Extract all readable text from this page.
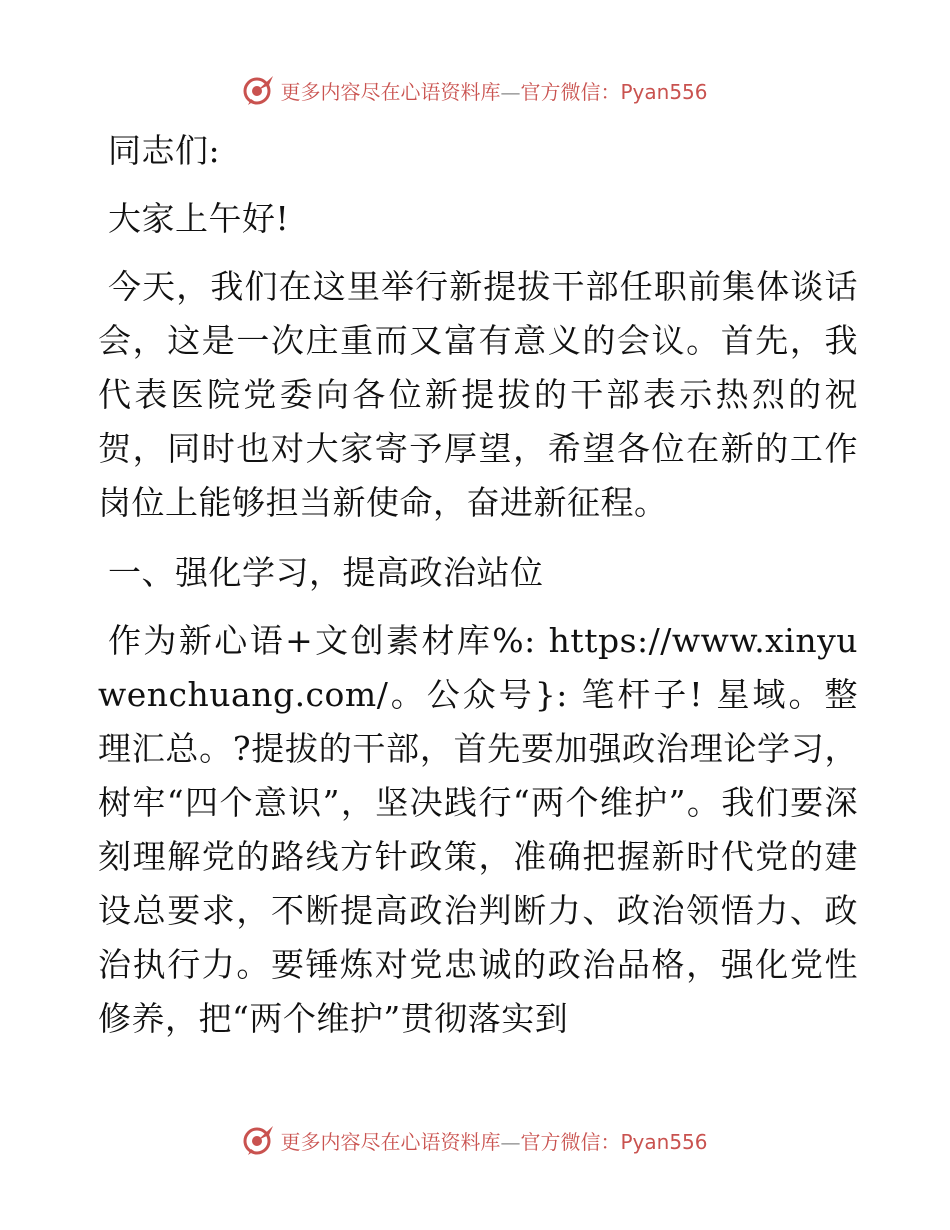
更多内容尽在心语资料库—官方微信：Pyan556

同志们:

大家上午好!

今天，我们在这里举行新提拔干部任职前集体谈话会，这是一次庄重而又富有意义的会议。首先，我代表医院党委向各位新提拔的干部表示热烈的祝贺，同时也对大家寄予厚望，希望各位在新的工作岗位上能够担当新使命，奋进新征程。

一、强化学习，提高政治站位

作为新心语+文创素材库%: https://www.xinyuwenchuang.com/。公众号}: 笔杆子! 星域。整理汇总。?提拔的干部，首先要加强政治理论学习，树牢“四个意识”，坚决践行“两个维护”。我们要深刻理解党的路线方针政策，准确把握新时代党的建设总要求，不断提高政治判断力、政治领悟力、政治执行力。要锤炼对党忠诚的政治品格，强化党性修养，把“两个维护”贯彻落实到

更多内容尽在心语资料库—官方微信：Pyan556
